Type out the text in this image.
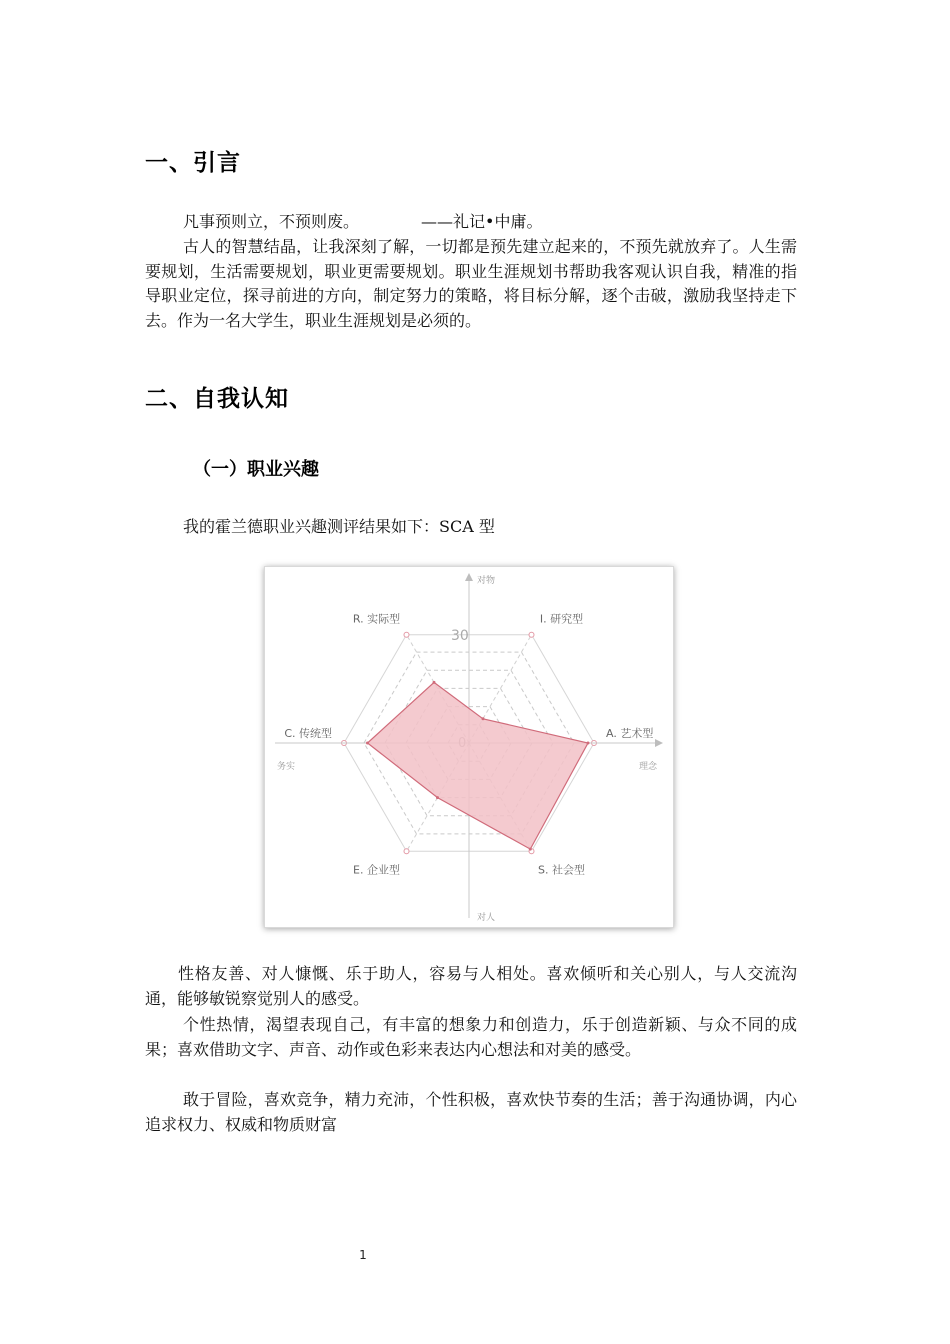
一、引言

凡事预则立，不预则废。	——礼记•中庸。

古人的智慧结晶，让我深刻了解，一切都是预先建立起来的，不预先就放弃了。人生需要规划，生活需要规划，职业更需要规划。职业生涯规划书帮助我客观认识自我，精准的指导职业定位，探寻前进的方向，制定努力的策略，将目标分解，逐个击破，激励我坚持走下去。作为一名大学生，职业生涯规划是必须的。

二、自我认知
（一）职业兴趣

我的霍兰德职业兴趣测评结果如下：SCA 型

对物
对人
务实	理念
30
R. 实际型	I. 研究型
A. 艺术型
S. 社会型
E. 企业型
C. 传统型

性格友善、对人慷慨、乐于助人，容易与人相处。喜欢倾听和关心别人，与人交流沟通，能够敏锐察觉别人的感受。

个性热情，渴望表现自己，有丰富的想象力和创造力，乐于创造新颖、与众不同的成果；喜欢借助文字、声音、动作或色彩来表达内心想法和对美的感受。

敢于冒险，喜欢竞争，精力充沛，个性积极，喜欢快节奏的生活；善于沟通协调，内心追求权力、权威和物质财富

1
